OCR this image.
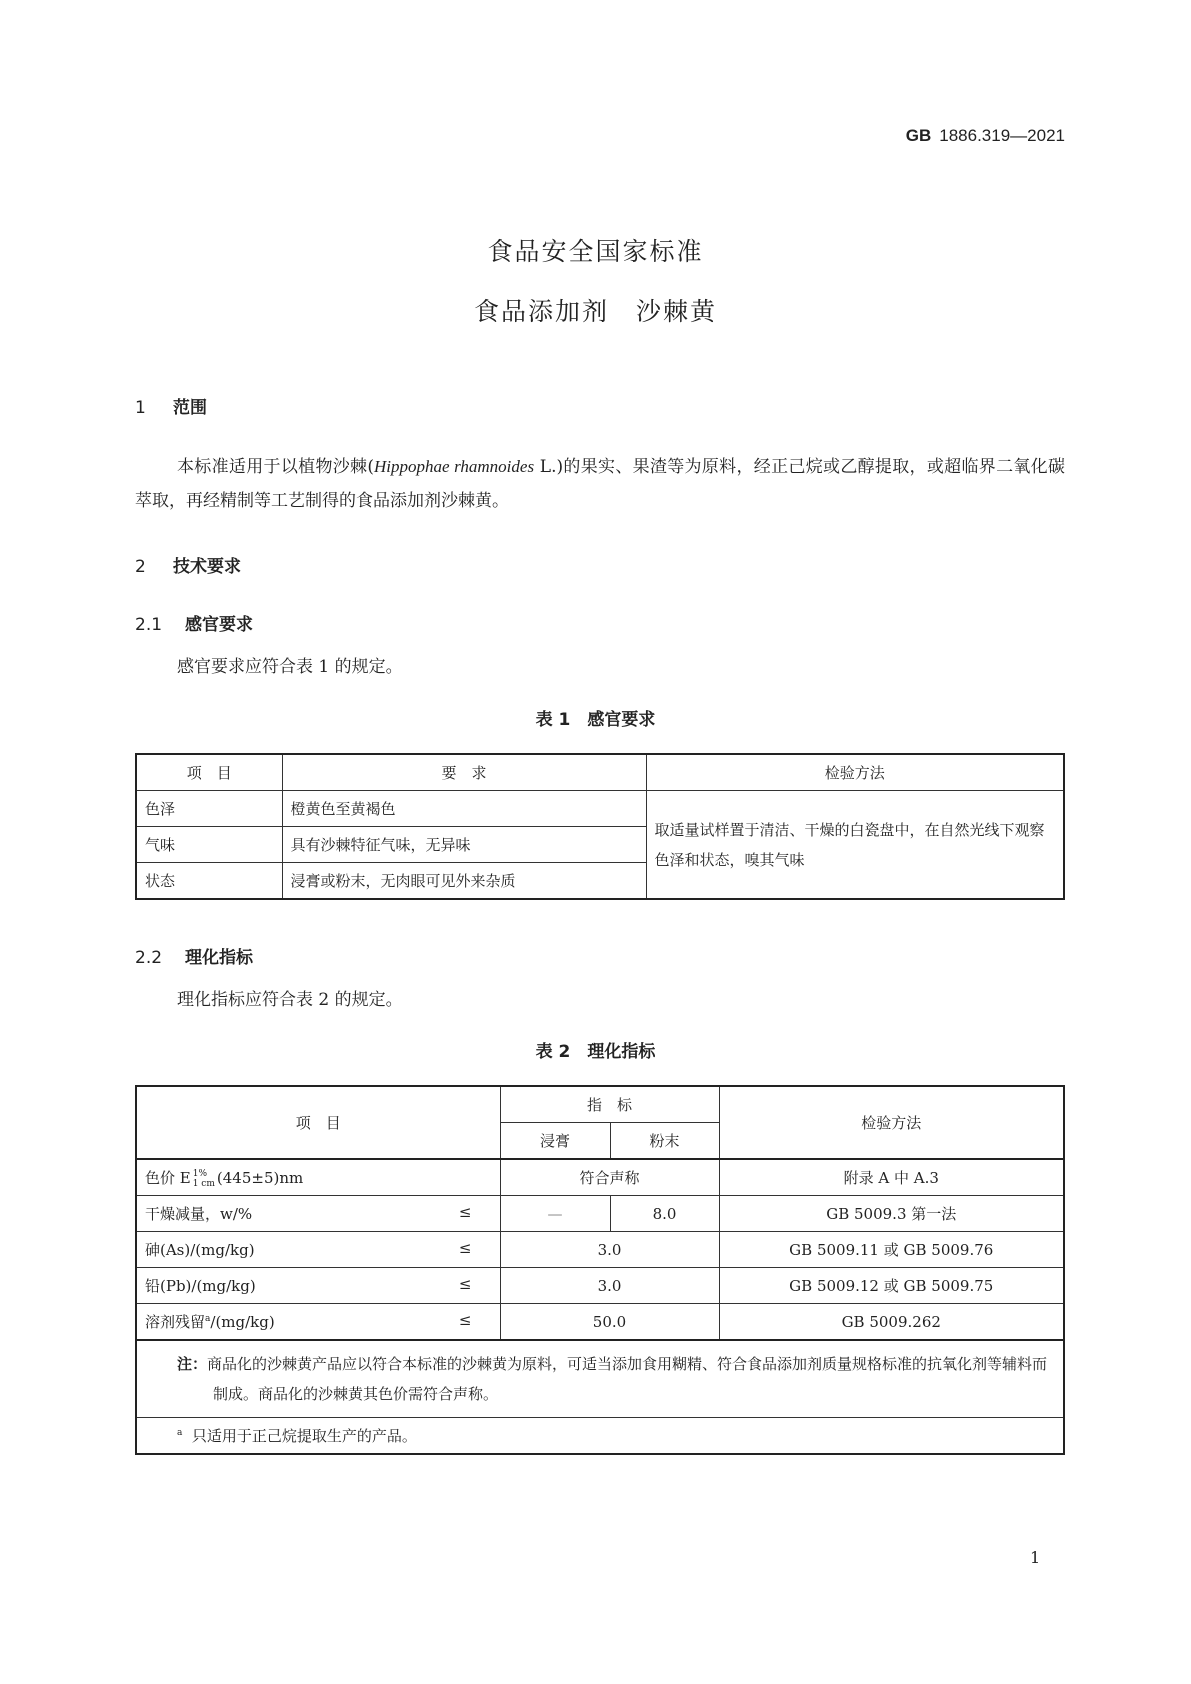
GB 1886.319—2021
食品安全国家标准
食品添加剂　沙棘黄
1 范围
本标准适用于以植物沙棘(Hippophae rhamnoides L.)的果实、果渣等为原料，经正己烷或乙醇提取，或超临界二氧化碳萃取，再经精制等工艺制得的食品添加剂沙棘黄。
2 技术要求
2.1 感官要求
感官要求应符合表 1 的规定。
表 1　感官要求
项　目	要　求	检验方法
色泽	橙黄色至黄褐色	取适量试样置于清洁、干燥的白瓷盘中，在自然光线下观察色泽和状态，嗅其气味
气味	具有沙棘特征气味，无异味	
状态	浸膏或粉末，无肉眼可见外来杂质	
2.2 理化指标
理化指标应符合表 2 的规定。
表 2　理化指标
项　目	指　标		检验方法
	浸膏	粉末	
色价 E 1%
1 cm (445±5)nm	符合声称		附录 A 中 A.3
干燥减量，w/% ≤	—	8.0	GB 5009.3 第一法
砷(As)/(mg/kg) ≤	3.0		GB 5009.11 或 GB 5009.76
铅(Pb)/(mg/kg) ≤	3.0		GB 5009.12 或 GB 5009.75
溶剂残留$^a$/(mg/kg) ≤	50.0		GB 5009.262
注：商品化的沙棘黄产品应以符合本标准的沙棘黄为原料，可适当添加食用糊精、符合食品添加剂质量规格标准的抗氧化剂等辅料而制成。商品化的沙棘黄其色价需符合声称。			
$^a$ 只适用于正己烷提取生产的产品。			
1
